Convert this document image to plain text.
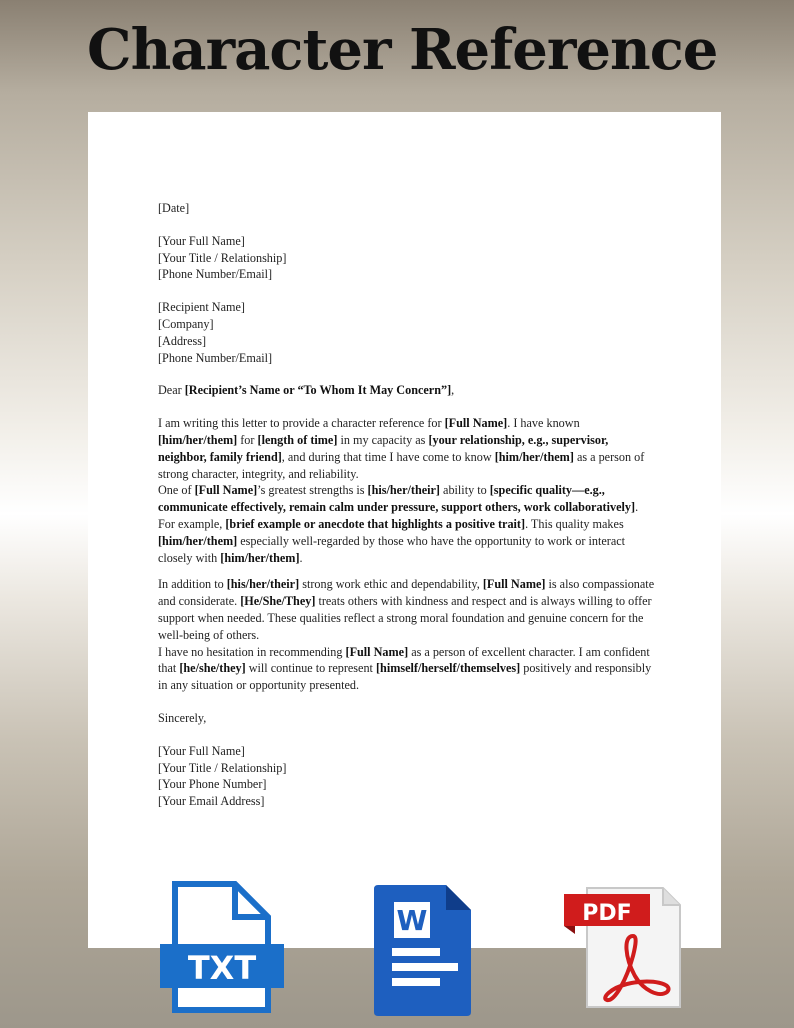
Character Reference

[Date]

[Your Full Name]

[Your Title / Relationship]

[Phone Number/Email]

[Recipient Name]

[Company]

[Address]

[Phone Number/Email]

Dear [Recipient’s Name or “To Whom It May Concern”],

I am writing this letter to provide a character reference for [Full Name]. I have known [him/her/them] for [length of time] in my capacity as [your relationship, e.g., supervisor, neighbor, family friend], and during that time I have come to know [him/her/them] as a person of strong character, integrity, and reliability.

One of [Full Name]’s greatest strengths is [his/her/their] ability to [specific quality—e.g., communicate effectively, remain calm under pressure, support others, work collaboratively]. For example, [brief example or anecdote that highlights a positive trait]. This quality makes [him/her/them] especially well-regarded by those who have the opportunity to work or interact closely with [him/her/them].

In addition to [his/her/their] strong work ethic and dependability, [Full Name] is also compassionate and considerate. [He/She/They] treats others with kindness and respect and is always willing to offer support when needed. These qualities reflect a strong moral foundation and genuine concern for the well-being of others.

I have no hesitation in recommending [Full Name] as a person of excellent character. I am confident that [he/she/they] will continue to represent [himself/herself/themselves] positively and responsibly in any situation or opportunity presented.

Sincerely,

[Your Full Name]

[Your Title / Relationship]

[Your Phone Number]

[Your Email Address]

TXT
W	PDF
